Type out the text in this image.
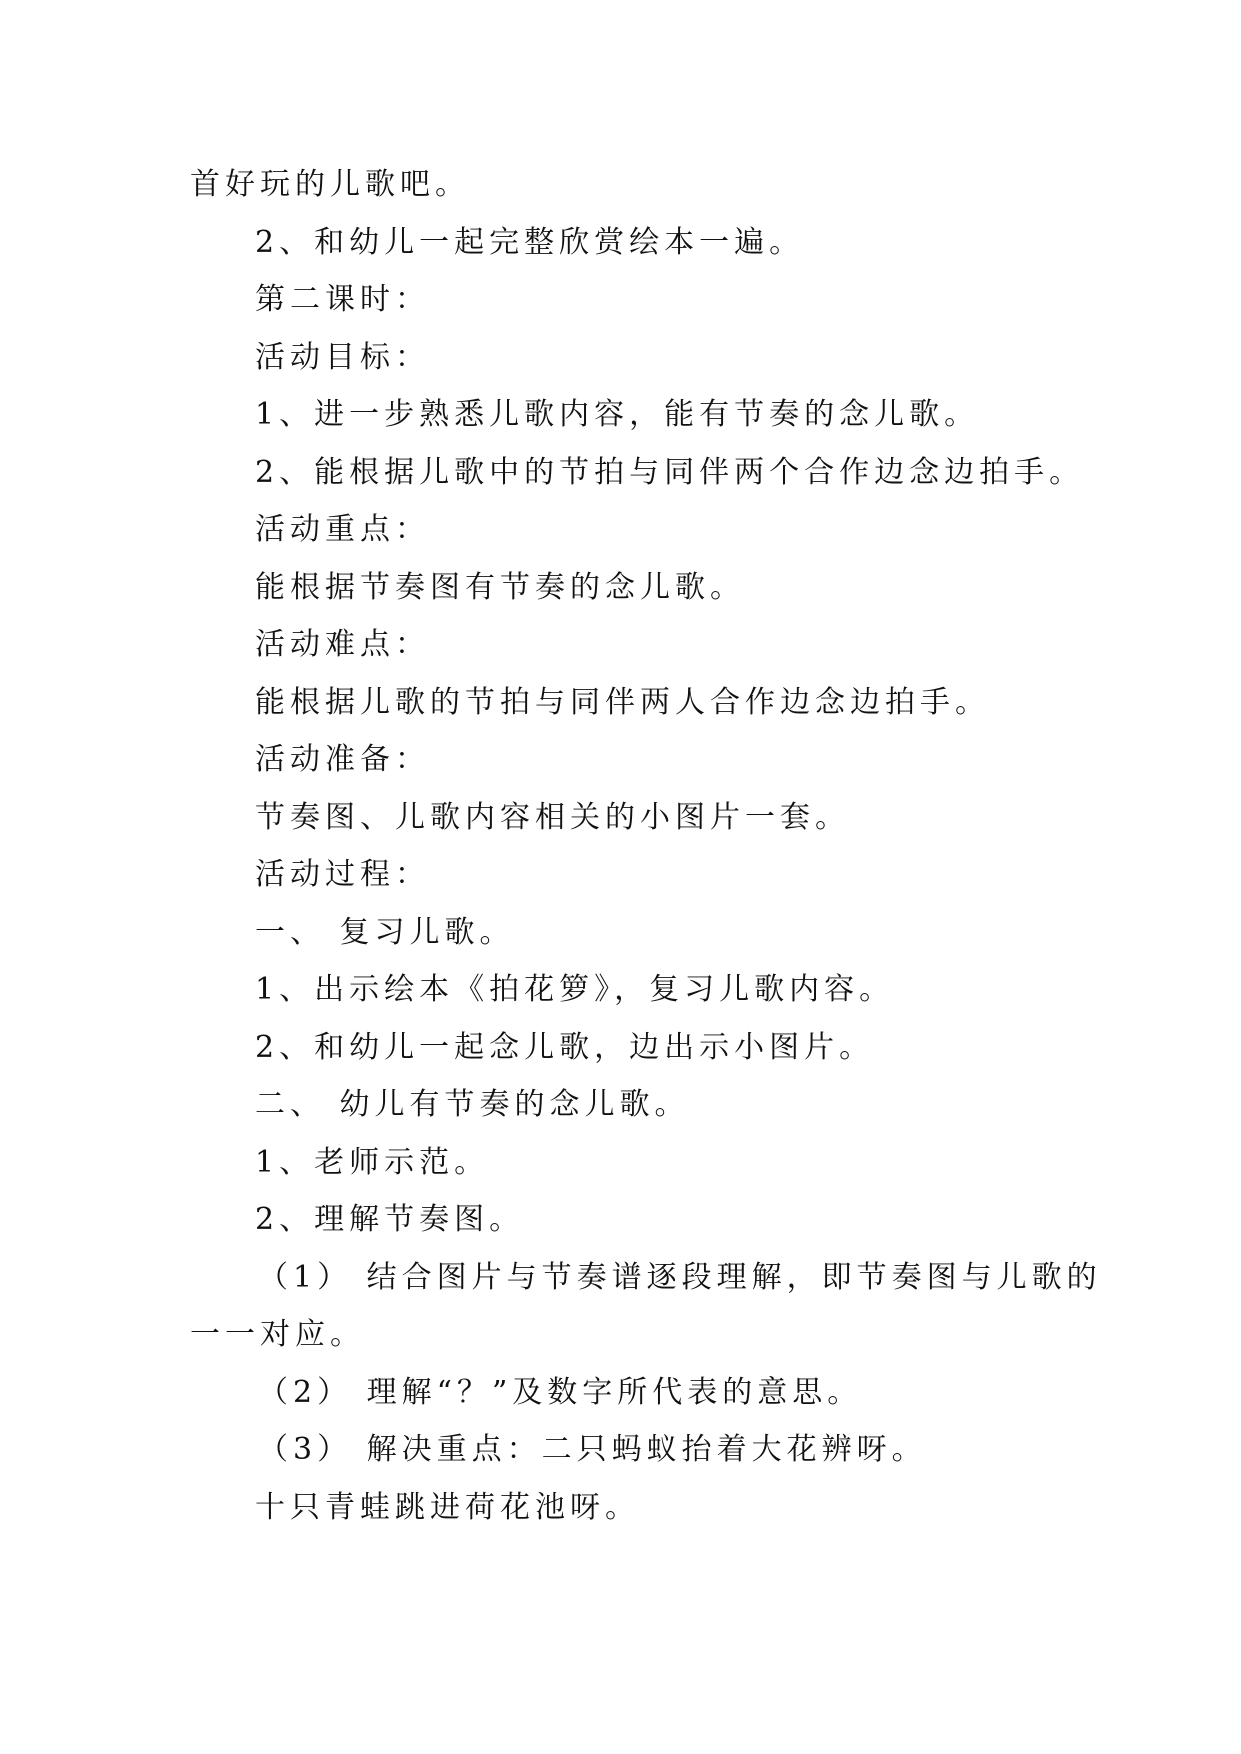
首好玩的儿歌吧。
2、和幼儿一起完整欣赏绘本一遍。
第二课时：
活动目标：
1、进一步熟悉儿歌内容，能有节奏的念儿歌。
2、能根据儿歌中的节拍与同伴两个合作边念边拍手。
活动重点：
能根据节奏图有节奏的念儿歌。
活动难点：
能根据儿歌的节拍与同伴两人合作边念边拍手。
活动准备：
节奏图、儿歌内容相关的小图片一套。
活动过程：
一、 复习儿歌。
1、出示绘本《拍花箩》，复习儿歌内容。
2、和幼儿一起念儿歌，边出示小图片。
二、 幼儿有节奏的念儿歌。
1、老师示范。
2、理解节奏图。
（1） 结合图片与节奏谱逐段理解，即节奏图与儿歌的
一一对应。
（2） 理解“？”及数字所代表的意思。
（3） 解决重点：二只蚂蚁抬着大花辨呀。
十只青蛙跳进荷花池呀。
